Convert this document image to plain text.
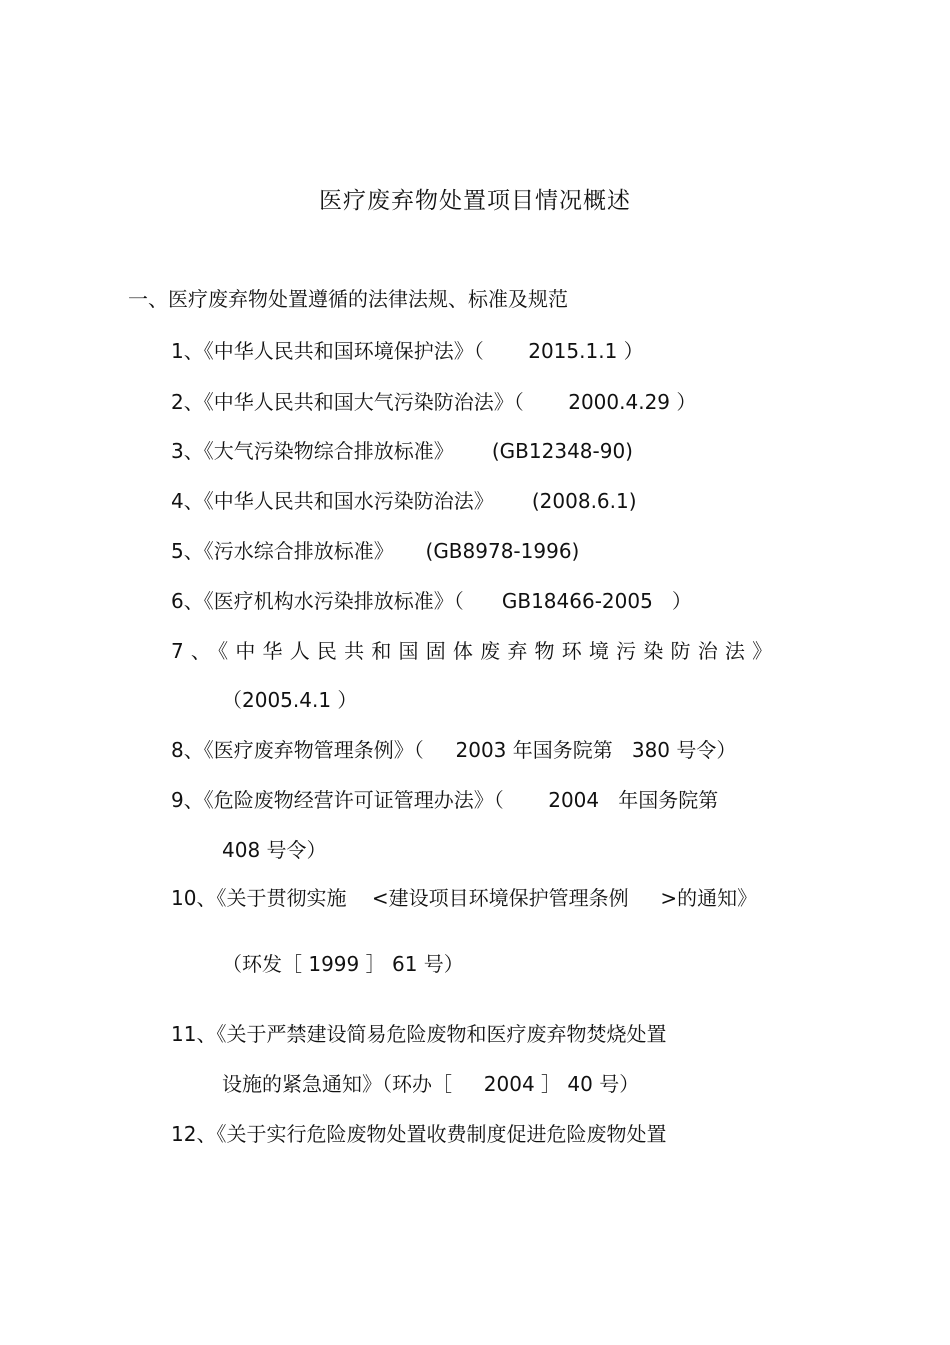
医疗废弃物处置项目情况概述
一、医疗废弃物处置遵循的法律法规、标准及规范
1、《中华人民共和国环境保护法》（       2015.1.1 ）
2、《中华人民共和国大气污染防治法》（       2000.4.29 ）
3、《大气污染物综合排放标准》      (GB12348-90)
4、《中华人民共和国水污染防治法》      (2008.6.1)
5、《污水综合排放标准》     (GB8978-1996)
6、《医疗机构水污染排放标准》（      GB18466-2005   ）
7、《中华人民共和国固体废弃物环境污染防治法》
（2005.4.1 ）
8、《医疗废弃物管理条例》（     2003 年国务院第   380 号令）
9、《危险废物经营许可证管理办法》（       2004   年国务院第
408 号令）
10、《关于贯彻实施    <建设项目环境保护管理条例     >的通知》
（环发［ 1999 ］ 61 号）
11、《关于严禁建设简易危险废物和医疗废弃物焚烧处置
设施的紧急通知》（环办［     2004 ］ 40 号）
12、《关于实行危险废物处置收费制度促进危险废物处置
